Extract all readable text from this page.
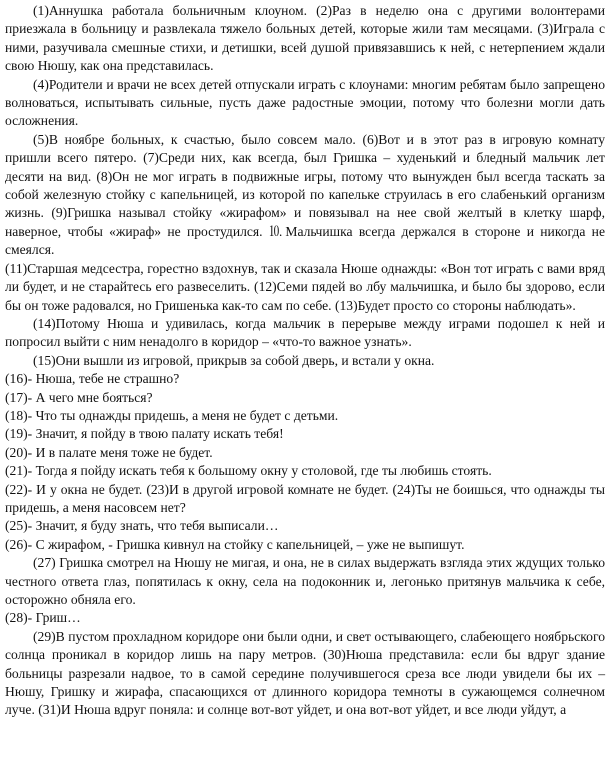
(1)Аннушка работала больничным клоуном. (2)Раз в неделю она с другими волонтерами приезжала в больницу и развлекала тяжело больных детей, которые жили там месяцами. (3)Играла с ними, разучивала смешные стихи, и детишки, всей душой привязавшись к ней, с нетерпением ждали свою Нюшу, как она представилась.

(4)Родители и врачи не всех детей отпускали играть с клоунами: многим ребятам было запрещено волноваться, испытывать сильные, пусть даже радостные эмоции, потому что болезни могли дать осложнения.

(5)В ноябре больных, к счастью, было совсем мало. (6)Вот и в этот раз в игровую комнату пришли всего пятеро. (7)Среди них, как всегда, был Гришка – худенький и бледный мальчик лет десяти на вид. (8)Он не мог играть в подвижные игры, потому что вынужден был всегда таскать за собой железную стойку с капельницей, из которой по капельке струилась в его слабенький организм жизнь. (9)Гришка называл стойку «жирафом» и повязывал на нее свой желтый в клетку шарф, наверное, чтобы «жираф» не простудился. ⒑Мальчишка всегда держался в стороне и никогда не смеялся.

(11)Старшая медсестра, горестно вздохнув, так и сказала Нюше однажды: «Вон тот играть с вами вряд ли будет, и не старайтесь его развеселить. (12)Семи пядей во лбу мальчишка, и было бы здорово, если бы он тоже радовался, но Гришенька как-то сам по себе. (13)Будет просто со стороны наблюдать».

(14)Потому Нюша и удивилась, когда мальчик в перерыве между играми подошел к ней и попросил выйти с ним ненадолго в коридор – «что-то важное узнать».

(15)Они вышли из игровой, прикрыв за собой дверь, и встали у окна.

(16)- Нюша, тебе не страшно?

(17)- А чего мне бояться?

(18)- Что ты однажды придешь, а меня не будет с детьми.

(19)- Значит, я пойду в твою палату искать тебя!

(20)- И в палате меня тоже не будет.

(21)- Тогда я пойду искать тебя к большому окну у столовой, где ты любишь стоять.

(22)- И у окна не будет. (23)И в другой игровой комнате не будет. (24)Ты не боишься, что однажды ты придешь, а меня насовсем нет?

(25)- Значит, я буду знать, что тебя выписали…

(26)- С жирафом, - Гришка кивнул на стойку с капельницей, – уже не выпишут.

(27) Гришка смотрел на Нюшу не мигая, и она, не в силах выдержать взгляда этих ждущих только честного ответа глаз, попятилась к окну, села на подоконник и, легонько притянув мальчика к себе, осторожно обняла его.

(28)- Гриш…

(29)В пустом прохладном коридоре они были одни, и свет остывающего, слабеющего ноябрьского солнца проникал в коридор лишь на пару метров. (30)Нюша представила: если бы вдруг здание больницы разрезали надвое, то в самой середине получившегося среза все люди увидели бы их – Нюшу, Гришку и жирафа, спасающихся от длинного коридора темноты в сужающемся солнечном луче. (31)И Нюша вдруг поняла: и солнце вот-вот уйдет, и она вот-вот уйдет, и все люди уйдут, а
